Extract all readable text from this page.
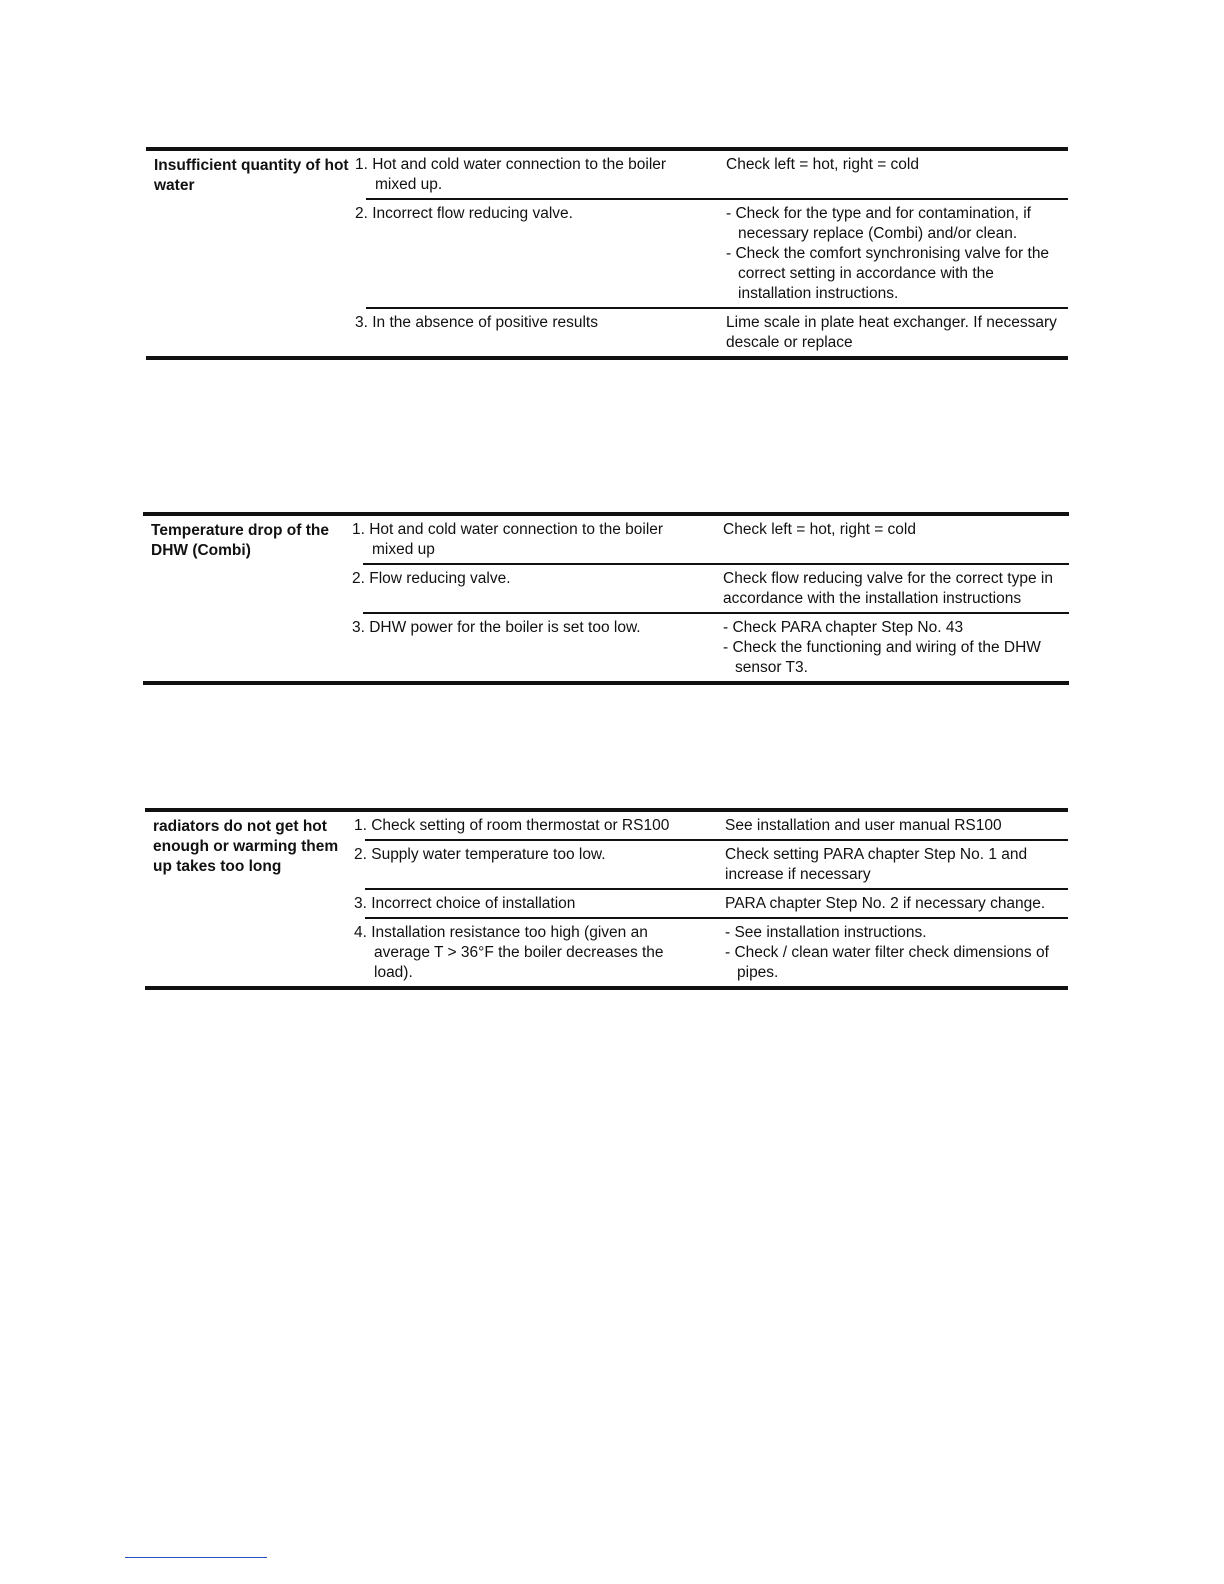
Insufficient quantity of hot water	1. Hot and cold water connection to the boiler mixed up.	Check left = hot, right = cold

	2. Incorrect flow reducing valve.	- Check for the type and for contamination, if necessary replace (Combi) and/or clean.
- Check the comfort synchronising valve for the correct setting in accordance with the installation instructions.

	3. In the absence of positive results	Lime scale in plate heat exchanger. If necessary descale or replace
Temperature drop of the DHW (Combi)	1. Hot and cold water connection to the boiler mixed up	Check left = hot, right = cold

	2. Flow reducing valve.	Check flow reducing valve for the correct type in accordance with the installation instructions

	3. DHW power for the boiler is set too low.	- Check PARA chapter Step No. 43
- Check the functioning and wiring of the DHW sensor T3.
radiators do not get hot enough or warming them up takes too long	1. Check setting of room thermostat or RS100	See installation and user manual RS100

	2. Supply water temperature too low.	Check setting PARA chapter Step No. 1 and increase if necessary

	3. Incorrect choice of installation	PARA chapter Step No. 2 if necessary change.

	4. Installation resistance too high (given an average T > 36°F the boiler decreases the load).	- See installation instructions.
- Check / clean water filter check dimensions of pipes.
